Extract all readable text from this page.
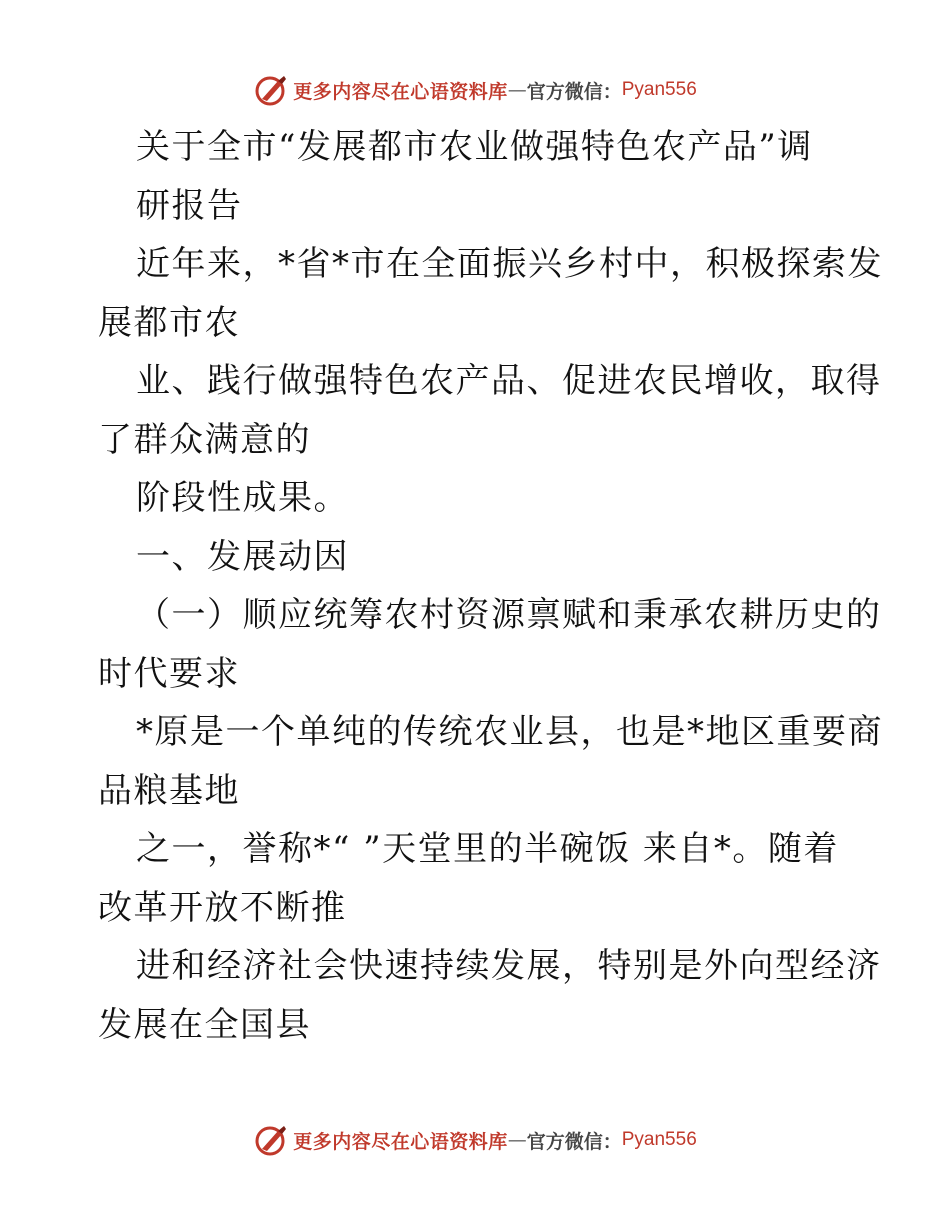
更多内容尽在心语资料库 — 官方微信： Pyan556
关于全市“发展都市农业做强特色农产品”调
研报告
近年来，*省*市在全面振兴乡村中，积极探索发
展都市农
业、践行做强特色农产品、促进农民增收，取得
了群众满意的
阶段性成果。
一、发展动因
（一）顺应统筹农村资源禀赋和秉承农耕历史的
时代要求
*原是一个单纯的传统农业县，也是*地区重要商
品粮基地
之一，誉称*“ ”天堂里的半碗饭 来自*。随着
改革开放不断推
进和经济社会快速持续发展，特别是外向型经济
发展在全国县
更多内容尽在心语资料库 — 官方微信： Pyan556
